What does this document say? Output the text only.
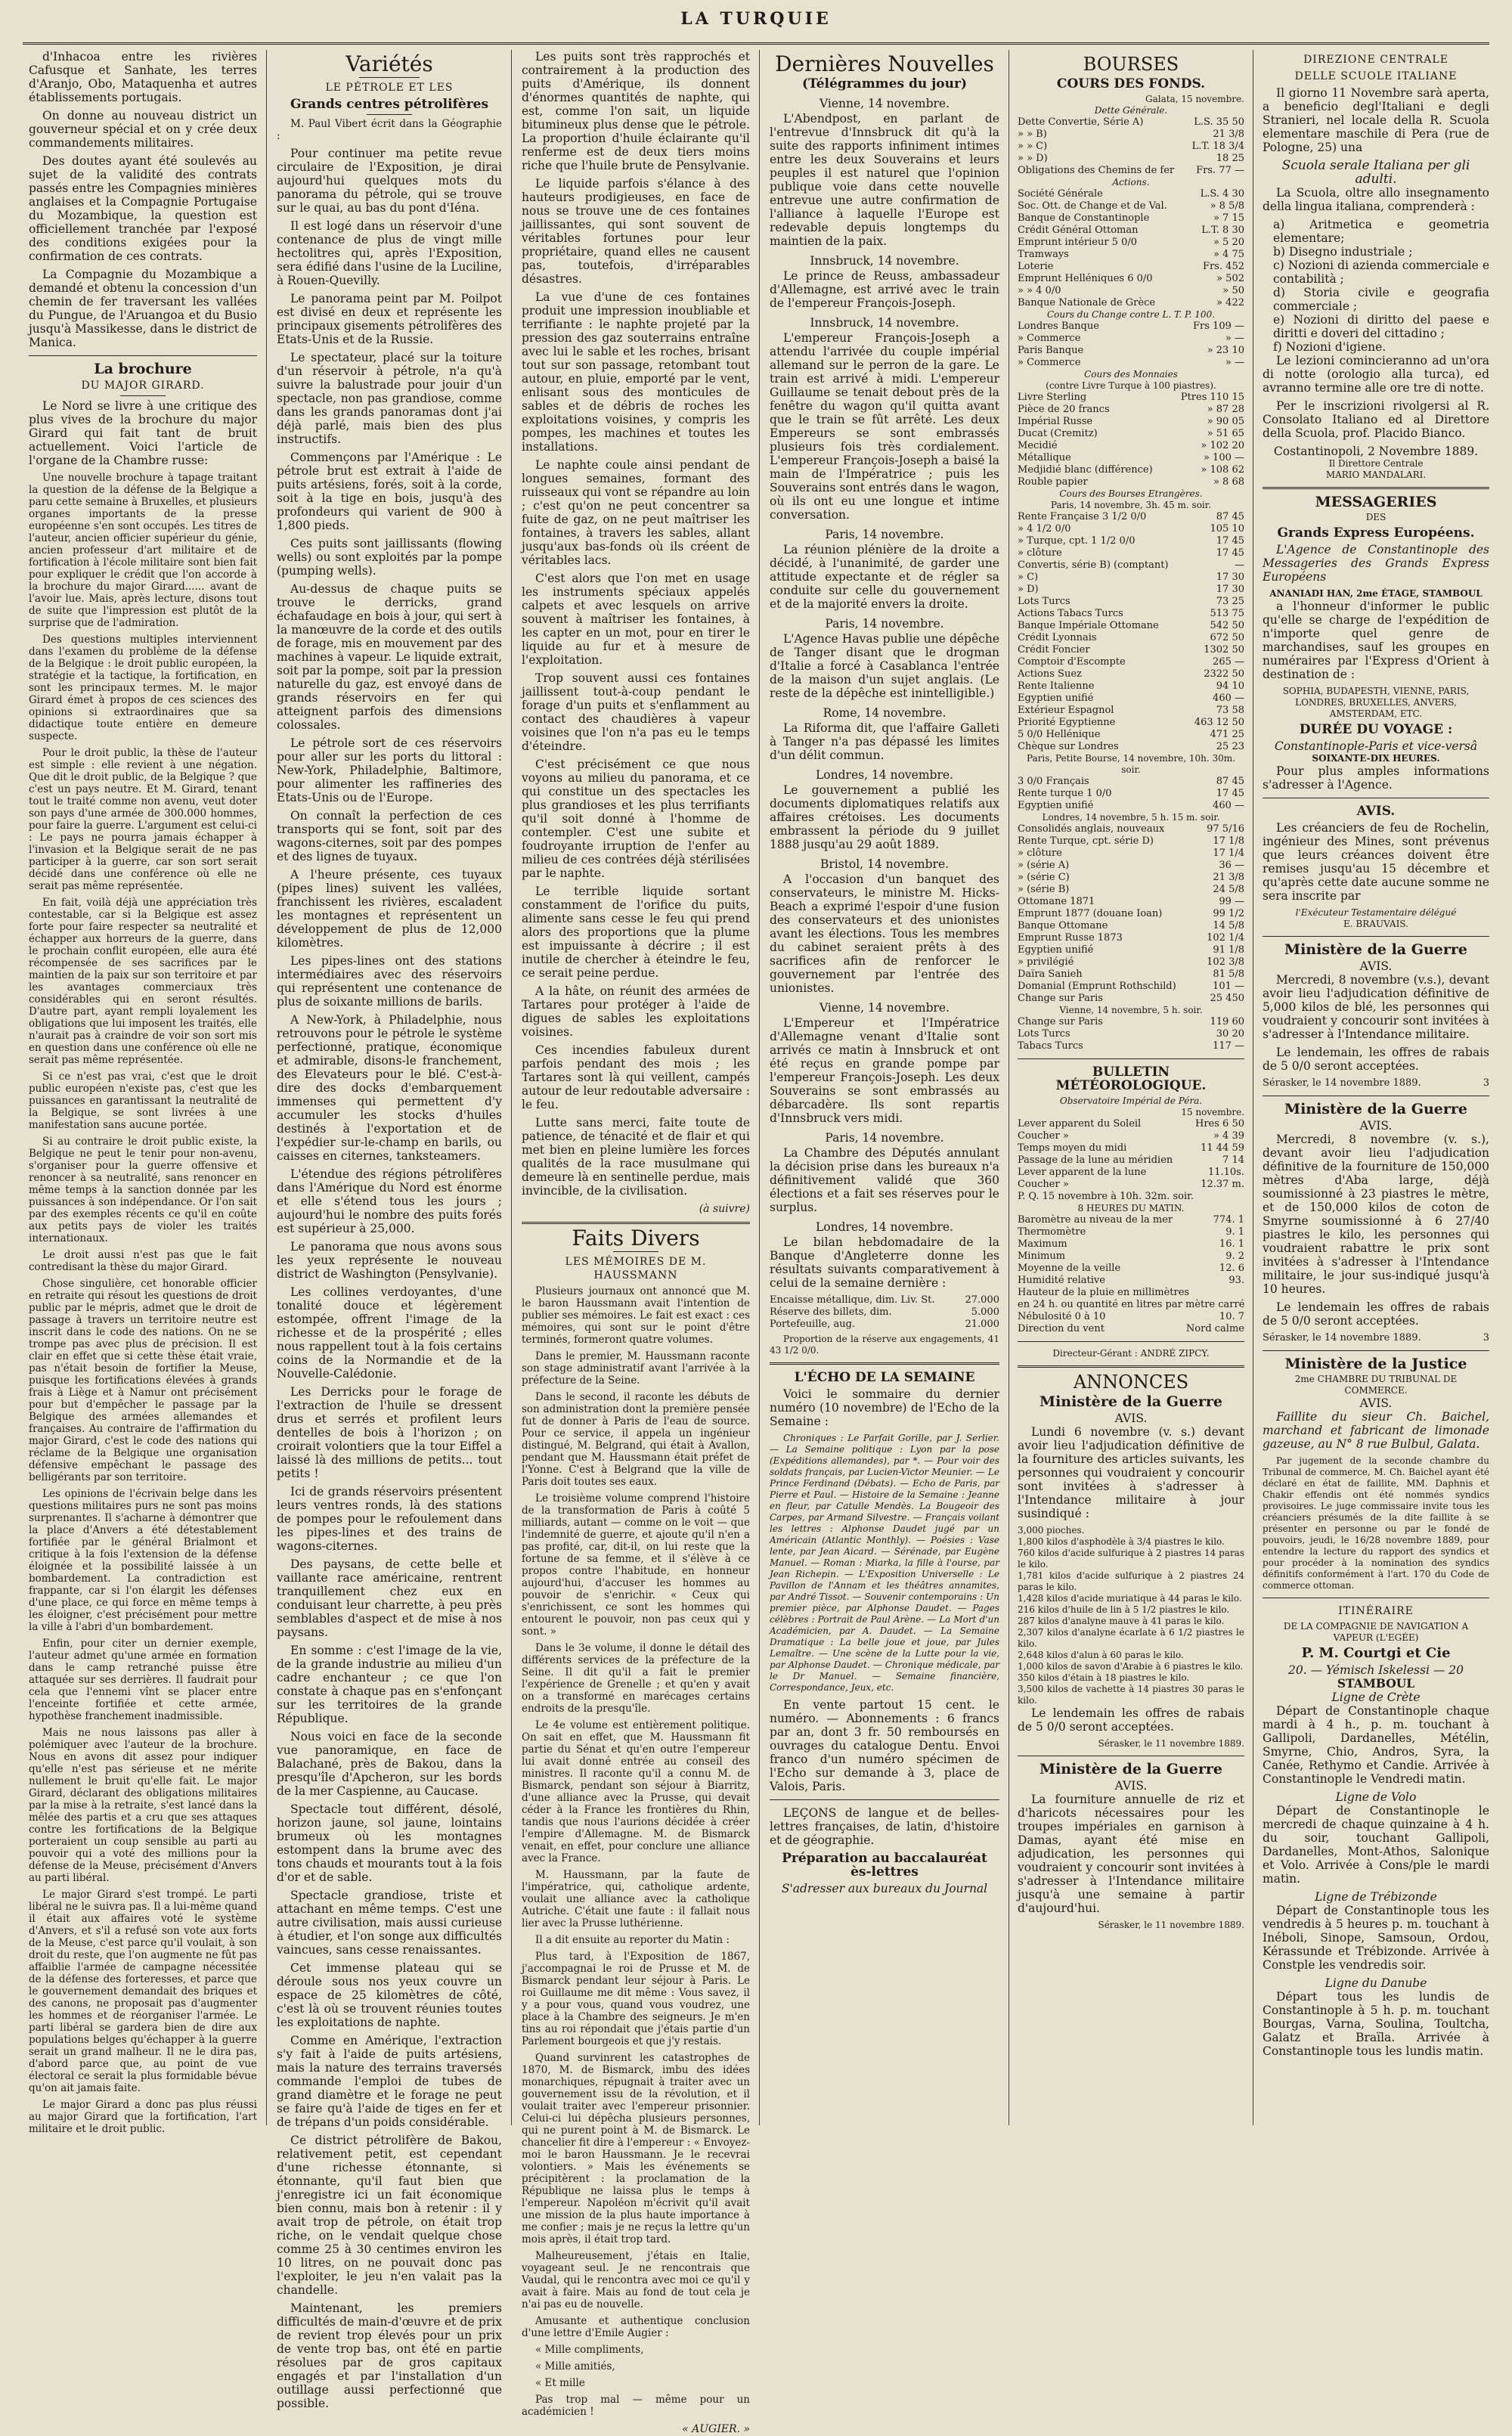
LA TURQUIE

d'Inhacoa entre les rivières Cafusque et Sanhate, les terres d'Aranjo, Obo, Mataquenha et autres établissements portugais.

On donne au nouveau district un gouverneur spécial et on y crée deux commandements militaires.

Des doutes ayant été soulevés au sujet de la validité des contrats passés entre les Compagnies minières anglaises et la Compagnie Portugaise du Mozambique, la question est officiellement tranchée par l'exposé des conditions exigées pour la confirmation de ces contrats.

La Compagnie du Mozambique a demandé et obtenu la concession d'un chemin de fer traversant les vallées du Pungue, de l'Aruangoa et du Busio jusqu'à Massikesse, dans le district de Manica.

La brochure
DU MAJOR GIRARD.

Le Nord se livre à une critique des plus vives de la brochure du major Girard qui fait tant de bruit actuellement. Voici l'article de l'organe de la Chambre russe:

Une nouvelle brochure à tapage traitant la question de la défense de la Belgique a paru cette semaine à Bruxelles, et plusieurs organes importants de la presse européenne s'en sont occupés. Les titres de l'auteur, ancien officier supérieur du génie, ancien professeur d'art militaire et de fortification à l'école militaire sont bien fait pour expliquer le crédit que l'on accorde à la brochure du major Girard...... avant de l'avoir lue. Mais, après lecture, disons tout de suite que l'impression est plutôt de la surprise que de l'admiration.

Des questions multiples interviennent dans l'examen du problème de la défense de la Belgique : le droit public européen, la stratégie et la tactique, la fortification, en sont les principaux termes. M. le major Girard émet à propos de ces sciences des opinions si extraordinaires que sa didactique toute entière en demeure suspecte.

Pour le droit public, la thèse de l'auteur est simple : elle revient à une négation. Que dit le droit public, de la Belgique ? que c'est un pays neutre. Et M. Girard, tenant tout le traité comme non avenu, veut doter son pays d'une armée de 300.000 hommes, pour faire la guerre. L'argument est celui-ci : Le pays ne pourra jamais échapper à l'invasion et la Belgique serait de ne pas participer à la guerre, car son sort serait décidé dans une conférence où elle ne serait pas même représentée.

En fait, voilà déjà une appréciation très contestable, car si la Belgique est assez forte pour faire respecter sa neutralité et échapper aux horreurs de la guerre, dans le prochain conflit européen, elle aura été récompensée de ses sacrifices par le maintien de la paix sur son territoire et par les avantages commerciaux très considérables qui en seront résultés. D'autre part, ayant rempli loyalement les obligations que lui imposent les traités, elle n'aurait pas à craindre de voir son sort mis en question dans une conférence où elle ne serait pas même représentée.

Si ce n'est pas vrai, c'est que le droit public européen n'existe pas, c'est que les puissances en garantissant la neutralité de la Belgique, se sont livrées à une manifestation sans aucune portée.

Si au contraire le droit public existe, la Belgique ne peut le tenir pour non-avenu, s'organiser pour la guerre offensive et renoncer à sa neutralité, sans renoncer en même temps à la sanction donnée par les puissances à son indépendance. Or l'on sait par des exemples récents ce qu'il en coûte aux petits pays de violer les traités internationaux.

Le droit aussi n'est pas que le fait contredisant la thèse du major Girard.

Chose singulière, cet honorable officier en retraite qui résout les questions de droit public par le mépris, admet que le droit de passage à travers un territoire neutre est inscrit dans le code des nations. On ne se trompe pas avec plus de précision. Il est clair en effet que si cette thèse était vraie, pas n'était besoin de fortifier la Meuse, puisque les fortifications élevées à grands frais à Liège et à Namur ont précisément pour but d'empêcher le passage par la Belgique des armées allemandes et françaises. Au contraire de l'affirmation du major Girard, c'est le code des nations qui réclame de la Belgique une organisation défensive empêchant le passage des belligérants par son territoire.

Les opinions de l'écrivain belge dans les questions militaires purs ne sont pas moins surprenantes. Il s'acharne à démontrer que la place d'Anvers a été détestablement fortifiée par le général Brialmont et critique à la fois l'extension de la défense éloignée et la possibilité laissée à un bombardement. La contradiction est frappante, car si l'on élargit les défenses d'une place, ce qui force en même temps à les éloigner, c'est précisément pour mettre la ville à l'abri d'un bombardement.

Enfin, pour citer un dernier exemple, l'auteur admet qu'une armée en formation dans le camp retranché puisse être attaquée sur ses derrières. Il faudrait pour cela que l'ennemi vînt se placer entre l'enceinte fortifiée et cette armée, hypothèse franchement inadmissible.

Mais ne nous laissons pas aller à polémiquer avec l'auteur de la brochure. Nous en avons dit assez pour indiquer qu'elle n'est pas sérieuse et ne mérite nullement le bruit qu'elle fait. Le major Girard, déclarant des obligations militaires par la mise à la retraite, s'est lancé dans la mêlée des partis et a cru que ses attaques contre les fortifications de la Belgique porteraient un coup sensible au parti au pouvoir qui a voté des millions pour la défense de la Meuse, précisément d'Anvers au parti libéral.

Le major Girard s'est trompé. Le parti libéral ne le suivra pas. Il a lui-même quand il était aux affaires voté le système d'Anvers, et s'il a refusé son vote aux forts de la Meuse, c'est parce qu'il voulait, à son droit du reste, que l'on augmente ne fût pas affaiblie l'armée de campagne nécessitée de la défense des forteresses, et parce que le gouvernement demandait des briques et des canons, ne proposait pas d'augmenter les hommes et de réorganiser l'armée. Le parti libéral se gardera bien de dire aux populations belges qu'échapper à la guerre serait un grand malheur. Il ne le dira pas, d'abord parce que, au point de vue électoral ce serait la plus formidable bévue qu'on ait jamais faite.

Le major Girard a donc pas plus réussi au major Girard que la fortification, l'art militaire et le droit public.

Variétés
LE PÉTROLE ET LES
Grands centres pétrolifères

M. Paul Vibert écrit dans la Géographie :

Pour continuer ma petite revue circulaire de l'Exposition, je dirai aujourd'hui quelques mots du panorama du pétrole, qui se trouve sur le quai, au bas du pont d'Iéna.

Il est logé dans un réservoir d'une contenance de plus de vingt mille hectolitres qui, après l'Exposition, sera édifié dans l'usine de la Luciline, à Rouen-Quevilly.

Le panorama peint par M. Poilpot est divisé en deux et représente les principaux gisements pétrolifères des Etats-Unis et de la Russie.

Le spectateur, placé sur la toiture d'un réservoir à pétrole, n'a qu'à suivre la balustrade pour jouir d'un spectacle, non pas grandiose, comme dans les grands panoramas dont j'ai déjà parlé, mais bien des plus instructifs.

Commençons par l'Amérique : Le pétrole brut est extrait à l'aide de puits artésiens, forés, soit à la corde, soit à la tige en bois, jusqu'à des profondeurs qui varient de 900 à 1,800 pieds.

Ces puits sont jaillissants (flowing wells) ou sont exploités par la pompe (pumping wells).

Au-dessus de chaque puits se trouve le derricks, grand échafaudage en bois à jour, qui sert à la manœuvre de la corde et des outils de forage, mis en mouvement par des machines à vapeur. Le liquide extrait, soit par la pompe, soit par la pression naturelle du gaz, est envoyé dans de grands réservoirs en fer qui atteignent parfois des dimensions colossales.

Le pétrole sort de ces réservoirs pour aller sur les ports du littoral : New-York, Philadelphie, Baltimore, pour alimenter les raffineries des Etats-Unis ou de l'Europe.

On connaît la perfection de ces transports qui se font, soit par des wagons-citernes, soit par des pompes et des lignes de tuyaux.

A l'heure présente, ces tuyaux (pipes lines) suivent les vallées, franchissent les rivières, escaladent les montagnes et représentent un développement de plus de 12,000 kilomètres.

Les pipes-lines ont des stations intermédiaires avec des réservoirs qui représentent une contenance de plus de soixante millions de barils.

A New-York, à Philadelphie, nous retrouvons pour le pétrole le système perfectionné, pratique, économique et admirable, disons-le franchement, des Elevateurs pour le blé. C'est-à-dire des docks d'embarquement immenses qui permettent d'y accumuler les stocks d'huiles destinés à l'exportation et de l'expédier sur-le-champ en barils, ou caisses en citernes, tanksteamers.

L'étendue des régions pétrolifères dans l'Amérique du Nord est énorme et elle s'étend tous les jours ; aujourd'hui le nombre des puits forés est supérieur à 25,000.

Le panorama que nous avons sous les yeux représente le nouveau district de Washington (Pensylvanie).

Les collines verdoyantes, d'une tonalité douce et légèrement estompée, offrent l'image de la richesse et de la prospérité ; elles nous rappellent tout à la fois certains coins de la Normandie et de la Nouvelle-Calédonie.

Les Derricks pour le forage de l'extraction de l'huile se dressent drus et serrés et profilent leurs dentelles de bois à l'horizon ; on croirait volontiers que la tour Eiffel a laissé là des millions de petits... tout petits !

Ici de grands réservoirs présentent leurs ventres ronds, là des stations de pompes pour le refoulement dans les pipes-lines et des trains de wagons-citernes.

Des paysans, de cette belle et vaillante race américaine, rentrent tranquillement chez eux en conduisant leur charrette, à peu près semblables d'aspect et de mise à nos paysans.

En somme : c'est l'image de la vie, de la grande industrie au milieu d'un cadre enchanteur ; ce que l'on constate à chaque pas en s'enfonçant sur les territoires de la grande République.

Nous voici en face de la seconde vue panoramique, en face de Balachané, près de Bakou, dans la presqu'île d'Apcheron, sur les bords de la mer Caspienne, au Caucase.

Spectacle tout différent, désolé, horizon jaune, sol jaune, lointains brumeux où les montagnes estompent dans la brume avec des tons chauds et mourants tout à la fois d'or et de sable.

Spectacle grandiose, triste et attachant en même temps. C'est une autre civilisation, mais aussi curieuse à étudier, et l'on songe aux difficultés vaincues, sans cesse renaissantes.

Cet immense plateau qui se déroule sous nos yeux couvre un espace de 25 kilomètres de côté, c'est là où se trouvent réunies toutes les exploitations de naphte.

Comme en Amérique, l'extraction s'y fait à l'aide de puits artésiens, mais la nature des terrains traversés commande l'emploi de tubes de grand diamètre et le forage ne peut se faire qu'à l'aide de tiges en fer et de trépans d'un poids considérable.

Ce district pétrolifère de Bakou, relativement petit, est cependant d'une richesse étonnante, si étonnante, qu'il faut bien que j'enregistre ici un fait économique bien connu, mais bon à retenir : il y avait trop de pétrole, on était trop riche, on le vendait quelque chose comme 25 à 30 centimes environ les 10 litres, on ne pouvait donc pas l'exploiter, le jeu n'en valait pas la chandelle.

Maintenant, les premiers difficultés de main-d'œuvre et de prix de revient trop élevés pour un prix de vente trop bas, ont été en partie résolues par de gros capitaux engagés et par l'installation d'un outillage aussi perfectionné que possible.

Les puits sont très rapprochés et contrairement à la production des puits d'Amérique, ils donnent d'énormes quantités de naphte, qui est, comme l'on sait, un liquide bitumineux plus dense que le pétrole. La proportion d'huile éclairante qu'il renferme est de deux tiers moins riche que l'huile brute de Pensylvanie.

Le liquide parfois s'élance à des hauteurs prodigieuses, en face de nous se trouve une de ces fontaines jaillissantes, qui sont souvent de véritables fortunes pour leur propriétaire, quand elles ne causent pas, toutefois, d'irréparables désastres.

La vue d'une de ces fontaines produit une impression inoubliable et terrifiante : le naphte projeté par la pression des gaz souterrains entraîne avec lui le sable et les roches, brisant tout sur son passage, retombant tout autour, en pluie, emporté par le vent, enlisant sous des monticules de sables et de débris de roches les exploitations voisines, y compris les pompes, les machines et toutes les installations.

Le naphte coule ainsi pendant de longues semaines, formant des ruisseaux qui vont se répandre au loin ; c'est qu'on ne peut concentrer sa fuite de gaz, on ne peut maîtriser les fontaines, à travers les sables, allant jusqu'aux bas-fonds où ils créent de véritables lacs.

C'est alors que l'on met en usage les instruments spéciaux appelés calpets et avec lesquels on arrive souvent à maîtriser les fontaines, à les capter en un mot, pour en tirer le liquide au fur et à mesure de l'exploitation.

Trop souvent aussi ces fontaines jaillissent tout-à-coup pendant le forage d'un puits et s'enflamment au contact des chaudières à vapeur voisines que l'on n'a pas eu le temps d'éteindre.

C'est précisément ce que nous voyons au milieu du panorama, et ce qui constitue un des spectacles les plus grandioses et les plus terrifiants qu'il soit donné à l'homme de contempler. C'est une subite et foudroyante irruption de l'enfer au milieu de ces contrées déjà stérilisées par le naphte.

Le terrible liquide sortant constamment de l'orifice du puits, alimente sans cesse le feu qui prend alors des proportions que la plume est impuissante à décrire ; il est inutile de chercher à éteindre le feu, ce serait peine perdue.

A la hâte, on réunit des armées de Tartares pour protéger à l'aide de digues de sables les exploitations voisines.

Ces incendies fabuleux durent parfois pendant des mois ; les Tartares sont là qui veillent, campés autour de leur redoutable adversaire : le feu.

Lutte sans merci, faite toute de patience, de ténacité et de flair et qui met bien en pleine lumière les forces qualités de la race musulmane qui demeure là en sentinelle perdue, mais invincible, de la civilisation.

(à suivre)
Faits Divers
LES MÉMOIRES DE M. HAUSSMANN

Plusieurs journaux ont annoncé que M. le baron Haussmann avait l'intention de publier ses mémoires. Le fait est exact : ces mémoires, qui sont sur le point d'être terminés, formeront quatre volumes.

Dans le premier, M. Haussmann raconte son stage administratif avant l'arrivée à la préfecture de la Seine.

Dans le second, il raconte les débuts de son administration dont la première pensée fut de donner à Paris de l'eau de source. Pour ce service, il appela un ingénieur distingué, M. Belgrand, qui était à Avallon, pendant que M. Haussmann était préfet de l'Yonne. C'est à Belgrand que la ville de Paris doit toutes ses eaux.

Le troisième volume comprend l'histoire de la transformation de Paris à coûté 5 milliards, autant — comme on le voit — que l'indemnité de guerre, et ajoute qu'il n'en a pas profité, car, dit-il, on lui reste que la fortune de sa femme, et il s'élève à ce propos contre l'habitude, en honneur aujourd'hui, d'accuser les hommes au pouvoir de s'enrichir. « Ceux qui s'enrichissent, ce sont les hommes qui entourent le pouvoir, non pas ceux qui y sont. »

Dans le 3e volume, il donne le détail des différents services de la préfecture de la Seine. Il dit qu'il a fait le premier l'expérience de Grenelle ; et qu'en y avait on a transformé en marécages certains endroits de la presqu'île.

Le 4e volume est entièrement politique. On sait en effet, que M. Haussmann fit partie du Sénat et qu'en outre l'empereur lui avait donné entrée au conseil des ministres. Il raconte qu'il a connu M. de Bismarck, pendant son séjour à Biarritz, d'une alliance avec la Prusse, qui devait céder à la France les frontières du Rhin, tandis que nous l'aurions décidée à créer l'empire d'Allemagne. M. de Bismarck venait, en effet, pour conclure une alliance avec la France.

M. Haussmann, par la faute de l'impératrice, qui, catholique ardente, voulait une alliance avec la catholique Autriche. C'était une faute : il fallait nous lier avec la Prusse luthérienne.

Il a dit ensuite au reporter du Matin :

Plus tard, à l'Exposition de 1867, j'accompagnai le roi de Prusse et M. de Bismarck pendant leur séjour à Paris. Le roi Guillaume me dit même : Vous savez, il y a pour vous, quand vous voudrez, une place à la Chambre des seigneurs. Je m'en tins au roi répondait que j'étais partie d'un Parlement bourgeois et que j'y restais.

Quand survinrent les catastrophes de 1870, M. de Bismarck, imbu des idées monarchiques, répugnait à traiter avec un gouvernement issu de la révolution, et il voulait traiter avec l'empereur prisonnier. Celui-ci lui dépêcha plusieurs personnes, qui ne purent point à M. de Bismarck. Le chancelier fit dire à l'empereur : « Envoyez-moi le baron Haussmann. Je le recevrai volontiers. » Mais les événements se précipitèrent : la proclamation de la République ne laissa plus le temps à l'empereur. Napoléon m'écrivit qu'il avait une mission de la plus haute importance à me confier ; mais je ne reçus la lettre qu'un mois après, il était trop tard.

Malheureusement, j'étais en Italie, voyageant seul. Je ne rencontrais que Vaudal, qui le rencontra avec moi ce qu'il y avait à faire. Mais au fond de tout cela je n'ai pas eu de nouvelle.

Amusante et authentique conclusion d'une lettre d'Emile Augier :

« Mille compliments,

« Mille amitiés,

« Et mille

Pas trop mal — même pour un académicien !

« AUGIER. »
Dernières Nouvelles
(Télégrammes du jour)
Vienne, 14 novembre.

L'Abendpost, en parlant de l'entrevue d'Innsbruck dit qu'à la suite des rapports infiniment intimes entre les deux Souverains et leurs peuples il est naturel que l'opinion publique voie dans cette nouvelle entrevue une autre confirmation de l'alliance à laquelle l'Europe est redevable depuis longtemps du maintien de la paix.

Innsbruck, 14 novembre.

Le prince de Reuss, ambassadeur d'Allemagne, est arrivé avec le train de l'empereur François-Joseph.

Innsbruck, 14 novembre.

L'empereur François-Joseph a attendu l'arrivée du couple impérial allemand sur le perron de la gare. Le train est arrivé à midi. L'empereur Guillaume se tenait debout près de la fenêtre du wagon qu'il quitta avant que le train se fût arrêté. Les deux Empereurs se sont embrassés plusieurs fois très cordialement. L'empereur François-Joseph a baisé la main de l'Impératrice ; puis les Souverains sont entrés dans le wagon, où ils ont eu une longue et intime conversation.

Paris, 14 novembre.

La réunion plénière de la droite a décidé, à l'unanimité, de garder une attitude expectante et de régler sa conduite sur celle du gouvernement et de la majorité envers la droite.

Paris, 14 novembre.

L'Agence Havas publie une dépêche de Tanger disant que le drogman d'Italie a forcé à Casablanca l'entrée de la maison d'un sujet anglais. (Le reste de la dépêche est inintelligible.)

Rome, 14 novembre.

La Riforma dit, que l'affaire Galleti à Tanger n'a pas dépassé les limites d'un délit commun.

Londres, 14 novembre.

Le gouvernement a publié les documents diplomatiques relatifs aux affaires crétoises. Les documents embrassent la période du 9 juillet 1888 jusqu'au 29 août 1889.

Bristol, 14 novembre.

A l'occasion d'un banquet des conservateurs, le ministre M. Hicks-Beach a exprimé l'espoir d'une fusion des conservateurs et des unionistes avant les élections. Tous les membres du cabinet seraient prêts à des sacrifices afin de renforcer le gouvernement par l'entrée des unionistes.

Vienne, 14 novembre.

L'Empereur et l'Impératrice d'Allemagne venant d'Italie sont arrivés ce matin à Innsbruck et ont été reçus en grande pompe par l'empereur François-Joseph. Les deux Souverains se sont embrassés au débarcadère. Ils sont repartis d'Innsbruck vers midi.

Paris, 14 novembre.

La Chambre des Députés annulant la décision prise dans les bureaux n'a définitivement validé que 360 élections et a fait ses réserves pour le surplus.

Londres, 14 novembre.

Le bilan hebdomadaire de la Banque d'Angleterre donne les résultats suivants comparativement à celui de la semaine dernière :

Encaisse métallique, dim. Liv. St.	27.000
Réserve des billets, dim.	5.000
Portefeuille, aug.	21.000

Proportion de la réserve aux engagements, 41 43 1/2 0/0.

L'ÉCHO DE LA SEMAINE

Voici le sommaire du dernier numéro (10 novembre) de l'Echo de la Semaine :

Chroniques : Le Parfait Gorille, par J. Serlier. — La Semaine politique : Lyon par la pose (Expéditions allemandes), par *. — Pour voir des soldats français, par Lucien-Victor Meunier. — Le Prince Ferdinand (Débats). — Echo de Paris, par Pierre et Paul. — Histoire de la Semaine : Jeanne en fleur, par Catulle Mendès. La Bougeoir des Carpes, par Armand Silvestre. — Français voilant les lettres : Alphonse Daudet jugé par un Américain (Atlantic Monthly). — Poésies : Vase lente, par Jean Aicard. — Sérénade, par Eugène Manuel. — Roman : Miarka, la fille à l'ourse, par Jean Richepin. — L'Exposition Universelle : Le Pavillon de l'Annam et les théâtres annamites, par André Tissot. — Souvenir contemporains : Un premier pièce, par Alphonse Daudet. — Pages célèbres : Portrait de Paul Arène. — La Mort d'un Académicien, par A. Daudet. — La Semaine Dramatique : La belle joue et joue, par Jules Lemaître. — Une scène de la Lutte pour la vie, par Alphonse Daudet. — Chronique médicale, par le Dr Manuel. — Semaine financière, Correspondance, Jeux, etc.

En vente partout 15 cent. le numéro. — Abonnements : 6 francs par an, dont 3 fr. 50 remboursés en ouvrages du catalogue Dentu. Envoi franco d'un numéro spécimen de l'Echo sur demande à 3, place de Valois, Paris.

LEÇONS de langue et de belles-lettres françaises, de latin, d'histoire et de géographie.

Préparation au baccalauréat ès-lettres
S'adresser aux bureaux du Journal
BOURSES
COURS DES FONDS.
Galata, 15 novembre.
Dette Générale.
Dette Convertie, Série A)	L.S. 35 50
» » B)	21 3/8
» » C)	L.T. 18 3/4
» » D)	18 25
Obligations des Chemins de fer	Frs. 77 —
Actions.
Société Générale	L.S. 4 30
Soc. Ott. de Change et de Val.	» 8 5/8
Banque de Constantinople	» 7 15
Crédit Général Ottoman	L.T. 8 30
Emprunt intérieur 5 0/0	» 5 20
Tramways	» 4 75
Loterie	Frs. 452
Emprunt Helléniques 6 0/0	» 502
» » 4 0/0	» 50
Banque Nationale de Grèce	» 422
Cours du Change contre L. T. P. 100.
Londres Banque	Frs 109 —
» Commerce	» —
Paris Banque	» 23 10
» Commerce	» —
Cours des Monnaies
(contre Livre Turque à 100 piastres).
Livre Sterling	Ptres 110 15
Pièce de 20 francs	» 87 28
Impérial Russe	» 90 05
Ducat (Cremitz)	» 51 65
Mecidié	» 102 20
Métallique	» 100 —
Medjidié blanc (différence)	» 108 62
Rouble papier	» 8 68
Cours des Bourses Etrangères.
Paris, 14 novembre, 3h. 45 m. soir.
Rente Française 3 1/2 0/0	87 45
» 4 1/2 0/0	105 10
» Turque, cpt. 1 1/2 0/0	17 45
» clôture	17 45
Convertis, série B) (comptant)	—
» C)	17 30
» D)	17 30
Lots Turcs	73 25
Actions Tabacs Turcs	513 75
Banque Impériale Ottomane	542 50
Crédit Lyonnais	672 50
Crédit Foncier	1302 50
Comptoir d'Escompte	265 —
Actions Suez	2322 50
Rente Italienne	94 10
Egyptien unifié	460 —
Extérieur Espagnol	73 58
Priorité Egyptienne	463 12 50
5 0/0 Hellénique	471 25
Chèque sur Londres	25 23
Paris, Petite Bourse, 14 novembre, 10h. 30m. soir.
3 0/0 Français	87 45
Rente turque 1 0/0	17 45
Egyptien unifié	460 —
Londres, 14 novembre, 5 h. 15 m. soir.
Consolidés anglais, nouveaux	97 5/16
Rente Turque, cpt. série D)	17 1/8
» clôture	17 1/4
» (série A)	36 —
» (série C)	21 3/8
» (série B)	24 5/8
Ottomane 1871	99 —
Emprunt 1877 (douane Ioan)	99 1/2
Banque Ottomane	14 5/8
Emprunt Russe 1873	102 1/4
Egyptien unifié	91 1/8
» privilégié	102 3/8
Daïra Sanieh	81 5/8
Domanial (Emprunt Rothschild)	101 —
Change sur Paris	25 450
Vienne, 14 novembre, 5 h. soir.
Change sur Paris	119 60
Lots Turcs	30 20
Tabacs Turcs	117 —
BULLETIN MÉTÉOROLOGIQUE.
Observatoire Impérial de Péra.
15 novembre.
Lever apparent du Soleil	Hres 6 50
Coucher »	» 4 39
Temps moyen du midi	11 44 59
Passage de la lune au méridien	7 14
Lever apparent de la lune	11.10s.
Coucher »	12.37 m.
P. Q. 15 novembre à 10h. 32m. soir.
8 HEURES DU MATIN.
Baromètre au niveau de la mer	774. 1
Thermomètre	9. 1
Maximum	16. 1
Minimum	9. 2
Moyenne de la veille	12. 6
Humidité relative	93.
Hauteur de la pluie en millimètres
en 24 h. ou quantité en litres par mètre carré
Nébulosité 0 à 10	10. 7
Direction du vent	Nord calme
Directeur-Gérant : ANDRÉ ZIPCY.
ANNONCES
Ministère de la Guerre
AVIS.

Lundi 6 novembre (v. s.) devant avoir lieu l'adjudication définitive de la fourniture des articles suivants, les personnes qui voudraient y concourir sont invitées à s'adresser à l'Intendance militaire à jour susindiqué :

3,000 pioches.
1,800 kilos d'asphodèle à 3/4 piastres le kilo.
760 kilos d'acide sulfurique à 2 piastres 14 paras le kilo.
1,781 kilos d'acide sulfurique à 2 piastres 24 paras le kilo.
1,428 kilos d'acide muriatique à 44 paras le kilo.
216 kilos d'huile de lin à 5 1/2 piastres le kilo.
287 kilos d'analyne mauve à 41 paras le kilo.
2,307 kilos d'analyne écarlate à 6 1/2 piastres le kilo.
2,648 kilos d'alun à 60 paras le kilo.
1,000 kilos de savon d'Arabie à 6 piastres le kilo.
350 kilos d'étain à 18 piastres le kilo.
3,500 kilos de vachette à 14 piastres 30 paras le kilo.

Le lendemain les offres de rabais de 5 0/0 seront acceptées.

Sérasker, le 11 novembre 1889.
Ministère de la Guerre
AVIS.

La fourniture annuelle de riz et d'haricots nécessaires pour les troupes impériales en garnison à Damas, ayant été mise en adjudication, les personnes qui voudraient y concourir sont invitées à s'adresser à l'Intendance militaire jusqu'à une semaine à partir d'aujourd'hui.

Sérasker, le 11 novembre 1889.
DIREZIONE CENTRALE
DELLE SCUOLE ITALIANE

Il giorno 11 Novembre sarà aperta, a beneficio degl'Italiani e degli Stranieri, nel locale della R. Scuola elementare maschile di Pera (rue de Pologne, 25) una

Scuola serale Italiana per gli adulti.

La Scuola, oltre allo insegnamento della lingua italiana, comprenderà :

a) Aritmetica e geometria elementare;
b) Disegno industriale ;
c) Nozioni di azienda commerciale e contabilità ;
d) Storia civile e geografia commerciale ;
e) Nozioni di diritto del paese e diritti e doveri del cittadino ;
f) Nozioni d'igiene.

Le lezioni comincieranno ad un'ora di notte (orologio alla turca), ed avranno termine alle ore tre di notte.

Per le inscrizioni rivolgersi al R. Consolato Italiano ed al Direttore della Scuola, prof. Placido Bianco.

Costantinopoli, 2 Novembre 1889.
Il Direttore Centrale
MARIO MANDALARI.
MESSAGERIES
DES
Grands Express Européens.

L'Agence de Constantinople des Messageries des Grands Express Européens

ANANIADI HAN, 2me ÉTAGE, STAMBOUL

a l'honneur d'informer le public qu'elle se charge de l'expédition de n'importe quel genre de marchandises, sauf les groupes en numéraires par l'Express d'Orient à destination de :

SOPHIA, BUDAPESTH, VIENNE, PARIS, LONDRES, BRUXELLES, ANVERS, AMSTERDAM, ETC.
DURÉE DU VOYAGE :
Constantinople-Paris et vice-versâ
SOIXANTE-DIX HEURES.

Pour plus amples informations s'adresser à l'Agence.

AVIS.

Les créanciers de feu de Rochelin, ingénieur des Mines, sont prévenus que leurs créances doivent être remises jusqu'au 15 décembre et qu'après cette date aucune somme ne sera inscrite par

l'Exécuteur Testamentaire délégué
E. BRAUVAIS.
Ministère de la Guerre
AVIS.

Mercredi, 8 novembre (v.s.), devant avoir lieu l'adjudication définitive de 5,000 kilos de blé, les personnes qui voudraient y concourir sont invitées à s'adresser à l'Intendance militaire.

Le lendemain, les offres de rabais de 5 0/0 seront acceptées.

Sérasker, le 14 novembre 1889.	3
Ministère de la Guerre
AVIS.

Mercredi, 8 novembre (v. s.), devant avoir lieu l'adjudication définitive de la fourniture de 150,000 mètres d'Aba large, déjà soumissionné à 23 piastres le mètre, et de 150,000 kilos de coton de Smyrne soumissionné à 6 27/40 piastres le kilo, les personnes qui voudraient rabattre le prix sont invitées à s'adresser à l'Intendance militaire, le jour sus-indiqué jusqu'à 10 heures.

Le lendemain les offres de rabais de 5 0/0 seront acceptées.

Sérasker, le 14 novembre 1889.	3
Ministère de la Justice
2me CHAMBRE DU TRIBUNAL DE COMMERCE.
AVIS.

Faillite du sieur Ch. Baichel, marchand et fabricant de limonade gazeuse, au N° 8 rue Bulbul, Galata.

Par jugement de la seconde chambre du Tribunal de commerce, M. Ch. Baichel ayant été déclaré en état de faillite, MM. Daphnis et Chakir effendis ont été nommés syndics provisoires. Le juge commissaire invite tous les créanciers présumés de la dite faillite à se présenter en personne ou par le fondé de pouvoirs, jeudi, le 16/28 novembre 1889, pour entendre la lecture du rapport des syndics et pour procéder à la nomination des syndics définitifs conformément à l'art. 170 du Code de commerce ottoman.

ITINÉRAIRE
DE LA COMPAGNIE DE NAVIGATION A VAPEUR (L'EGÉE)
P. M. Courtgi et Cie
20. — Yémisch Iskelessi — 20
STAMBOUL
Ligne de Crète

Départ de Constantinople chaque mardi à 4 h., p. m. touchant à Gallipoli, Dardanelles, Métélin, Smyrne, Chio, Andros, Syra, la Canée, Rethymo et Candie. Arrivée à Constantinople le Vendredi matin.

Ligne de Volo

Départ de Constantinople le mercredi de chaque quinzaine à 4 h. du soir, touchant Gallipoli, Dardanelles, Mont-Athos, Salonique et Volo. Arrivée à Cons/ple le mardi matin.

Ligne de Trébizonde

Départ de Constantinople tous les vendredis à 5 heures p. m. touchant à Inéboli, Sinope, Samsoun, Ordou, Kérassunde et Trébizonde. Arrivée à Constple les vendredis soir.

Ligne du Danube

Départ tous les lundis de Constantinople à 5 h. p. m. touchant Bourgas, Varna, Soulina, Toultcha, Galatz et Braïla. Arrivée à Constantinople tous les lundis matin.
